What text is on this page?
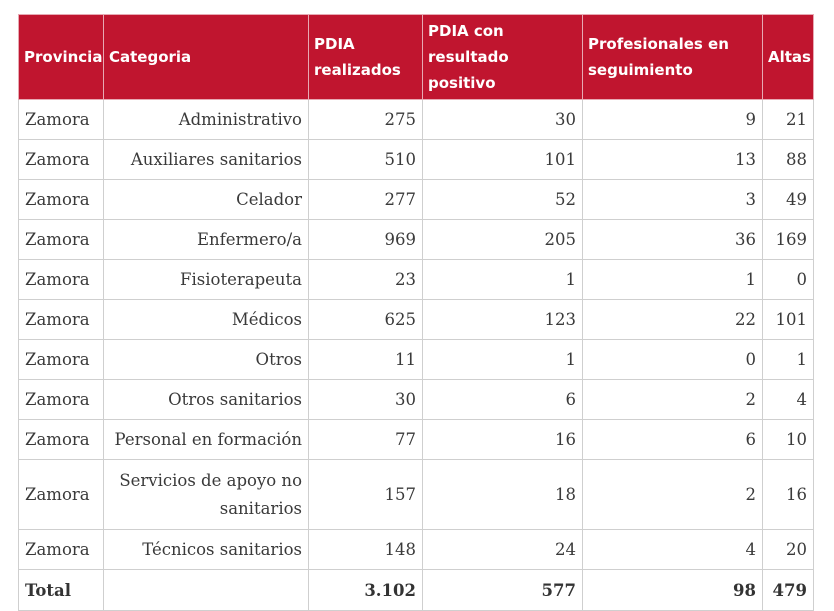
Provincia	Categoria	PDIA realizados	PDIA con resultado positivo	Profesionales en seguimiento	Altas
Zamora	Administrativo	275	30	9	21
Zamora	Auxiliares sanitarios	510	101	13	88
Zamora	Celador	277	52	3	49
Zamora	Enfermero/a	969	205	36	169
Zamora	Fisioterapeuta	23	1	1	0
Zamora	Médicos	625	123	22	101
Zamora	Otros	11	1	0	1
Zamora	Otros sanitarios	30	6	2	4
Zamora	Personal en formación	77	16	6	10
Zamora	Servicios de apoyo no sanitarios	157	18	2	16
Zamora	Técnicos sanitarios	148	24	4	20
Total		3.102	577	98	479
